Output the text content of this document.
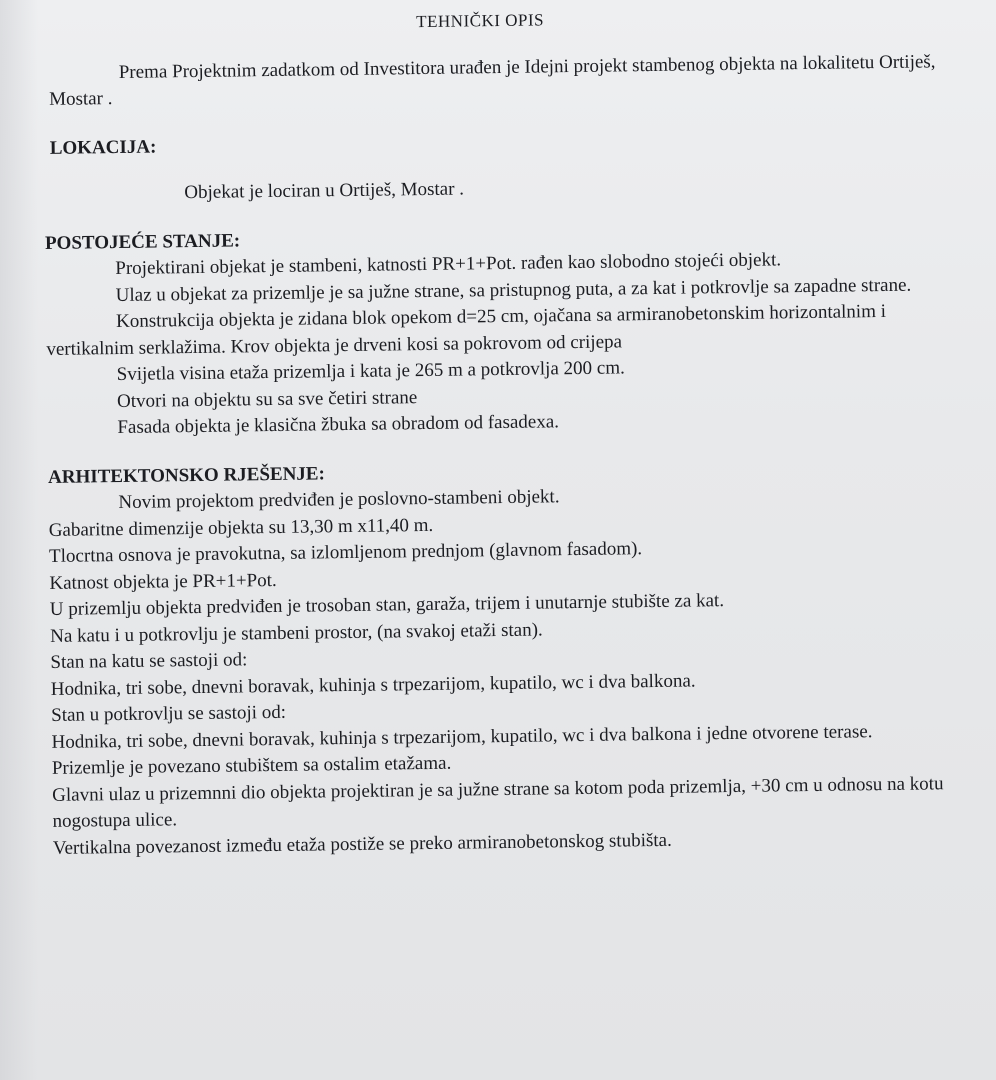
TEHNIČKI OPIS

Prema Projektnim zadatkom od Investitora urađen je Idejni projekt stambenog objekta na lokalitetu Ortiješ, Mostar .

LOKACIJA:

Objekat je lociran u Ortiješ, Mostar .

POSTOJEĆE STANJE:

Projektirani objekat je stambeni, katnosti PR+1+Pot. rađen kao slobodno stojeći objekt.

Ulaz u objekat za prizemlje je sa južne strane, sa pristupnog puta, a za kat i potkrovlje sa zapadne strane.

Konstrukcija objekta je zidana blok opekom d=25 cm, ojačana sa armiranobetonskim horizontalnim i vertikalnim serklažima. Krov objekta je drveni kosi sa pokrovom od crijepa

Svijetla visina etaža prizemlja i kata je 265 m a potkrovlja 200 cm.

Otvori na objektu su sa sve četiri strane

Fasada objekta je klasična žbuka sa obradom od fasadexa.

ARHITEKTONSKO RJEŠENJE:

Novim projektom predviđen je poslovno-stambeni objekt.

Gabaritne dimenzije objekta su 13,30 m x11,40 m.

Tlocrtna osnova je pravokutna, sa izlomljenom prednjom (glavnom fasadom).

Katnost objekta je PR+1+Pot.

U prizemlju objekta predviđen je trosoban stan, garaža, trijem i unutarnje stubište za kat.

Na katu i u potkrovlju je stambeni prostor, (na svakoj etaži stan).

Stan na katu se sastoji od:

Hodnika, tri sobe, dnevni boravak, kuhinja s trpezarijom, kupatilo, wc i dva balkona.

Stan u potkrovlju se sastoji od:

Hodnika, tri sobe, dnevni boravak, kuhinja s trpezarijom, kupatilo, wc i dva balkona i jedne otvorene terase.

Prizemlje je povezano stubištem sa ostalim etažama.

Glavni ulaz u prizemnni dio objekta projektiran je sa južne strane sa kotom poda prizemlja, +30 cm u odnosu na kotu nogostupa ulice.

Vertikalna povezanost između etaža postiže se preko armiranobetonskog stubišta.
